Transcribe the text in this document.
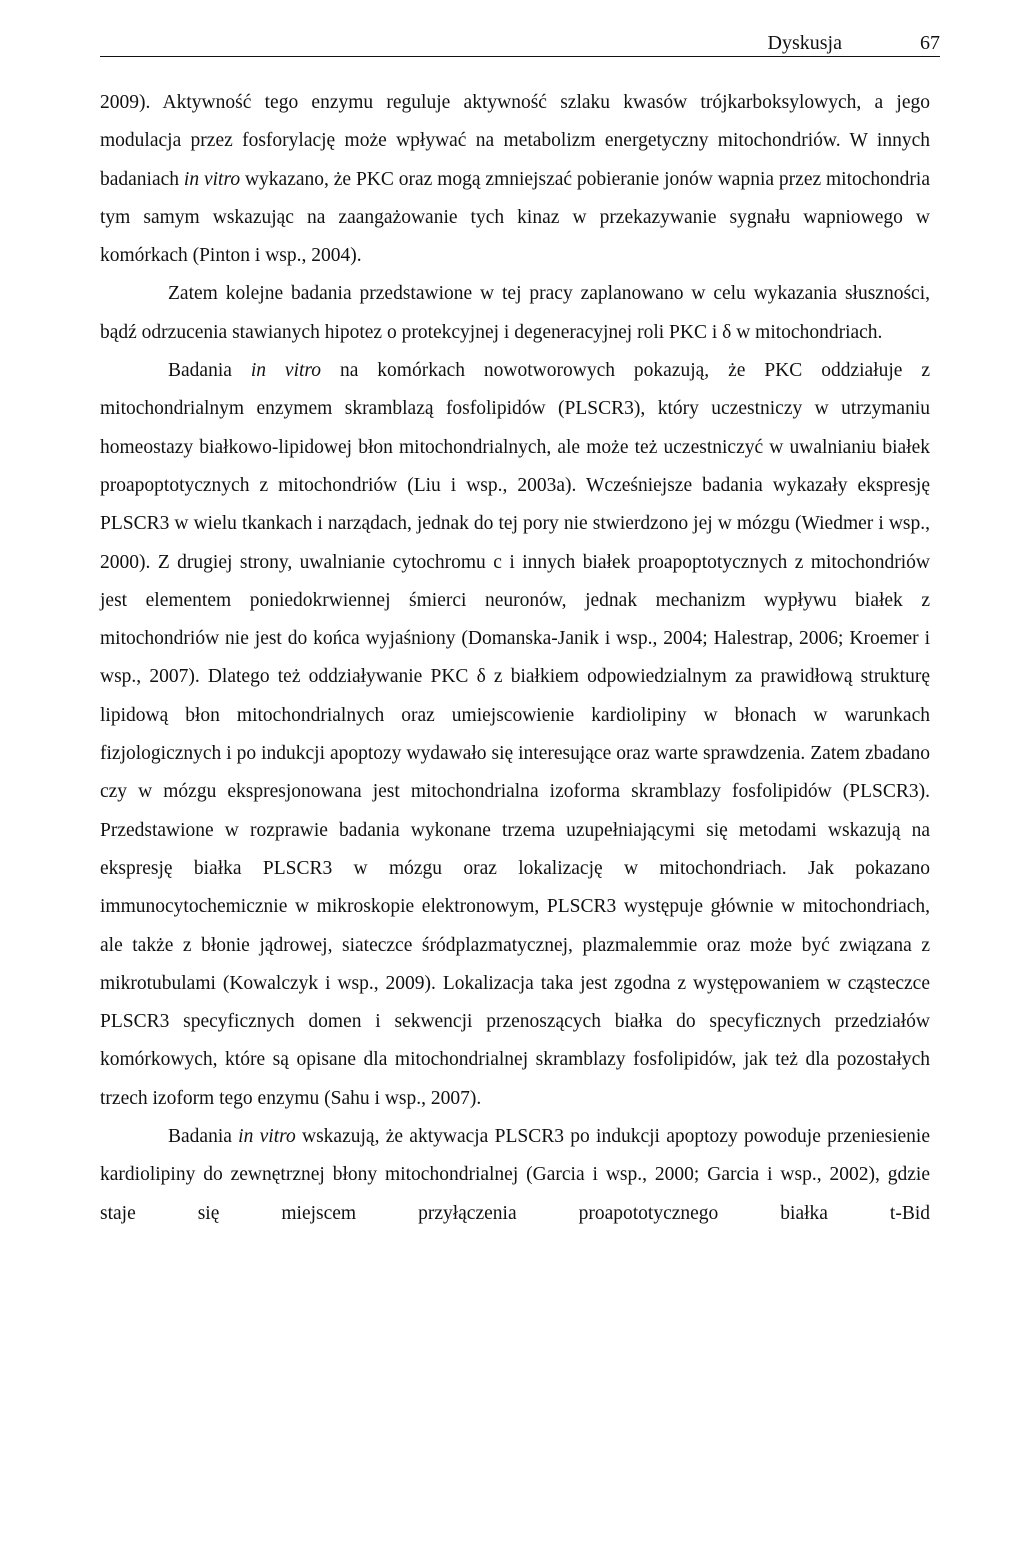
Dyskusja	67

2009). Aktywność tego enzymu reguluje aktywność szlaku kwasów trójkarboksylowych, a jego modulacja przez fosforylację może wpływać na metabolizm energetyczny mitochondriów. W innych badaniach in vitro wykazano, że PKC oraz mogą zmniejszać pobieranie jonów wapnia przez mitochondria tym samym wskazując na zaangażowanie tych kinaz w przekazywanie sygnału wapniowego w komórkach (Pinton i wsp., 2004).

Zatem kolejne badania przedstawione w tej pracy zaplanowano w celu wykazania słuszności, bądź odrzucenia stawianych hipotez o protekcyjnej i degeneracyjnej roli PKC i δ w mitochondriach.

Badania in vitro na komórkach nowotworowych pokazują, że PKC oddziałuje z mitochondrialnym enzymem skramblazą fosfolipidów (PLSCR3), który uczestniczy w utrzymaniu homeostazy białkowo-lipidowej błon mitochondrialnych, ale może też uczestniczyć w uwalnianiu białek proapoptotycznych z mitochondriów (Liu i wsp., 2003a). Wcześniejsze badania wykazały ekspresję PLSCR3 w wielu tkankach i narządach, jednak do tej pory nie stwierdzono jej w mózgu (Wiedmer i wsp., 2000). Z drugiej strony, uwalnianie cytochromu c i innych białek proapoptotycznych z mitochondriów jest elementem poniedokrwiennej śmierci neuronów, jednak mechanizm wypływu białek z mitochondriów nie jest do końca wyjaśniony (Domanska-Janik i wsp., 2004; Halestrap, 2006; Kroemer i wsp., 2007). Dlatego też oddziaływanie PKC δ z białkiem odpowiedzialnym za prawidłową strukturę lipidową błon mitochondrialnych oraz umiejscowienie kardiolipiny w błonach w warunkach fizjologicznych i po indukcji apoptozy wydawało się interesujące oraz warte sprawdzenia. Zatem zbadano czy w mózgu ekspresjonowana jest mitochondrialna izoforma skramblazy fosfolipidów (PLSCR3). Przedstawione w rozprawie badania wykonane trzema uzupełniającymi się metodami wskazują na ekspresję białka PLSCR3 w mózgu oraz lokalizację w mitochondriach. Jak pokazano immunocytochemicznie w mikroskopie elektronowym, PLSCR3 występuje głównie w mitochondriach, ale także z błonie jądrowej, siateczce śródplazmatycznej, plazmalemmie oraz może być związana z mikrotubulami (Kowalczyk i wsp., 2009). Lokalizacja taka jest zgodna z występowaniem w cząsteczce PLSCR3 specyficznych domen i sekwencji przenoszących białka do specyficznych przedziałów komórkowych, które są opisane dla mitochondrialnej skramblazy fosfolipidów, jak też dla pozostałych trzech izoform tego enzymu (Sahu i wsp., 2007).

Badania in vitro wskazują, że aktywacja PLSCR3 po indukcji apoptozy powoduje przeniesienie kardiolipiny do zewnętrznej błony mitochondrialnej (Garcia i wsp., 2000; Garcia i wsp., 2002), gdzie staje się miejscem przyłączenia proapototycznego białka t-Bid
